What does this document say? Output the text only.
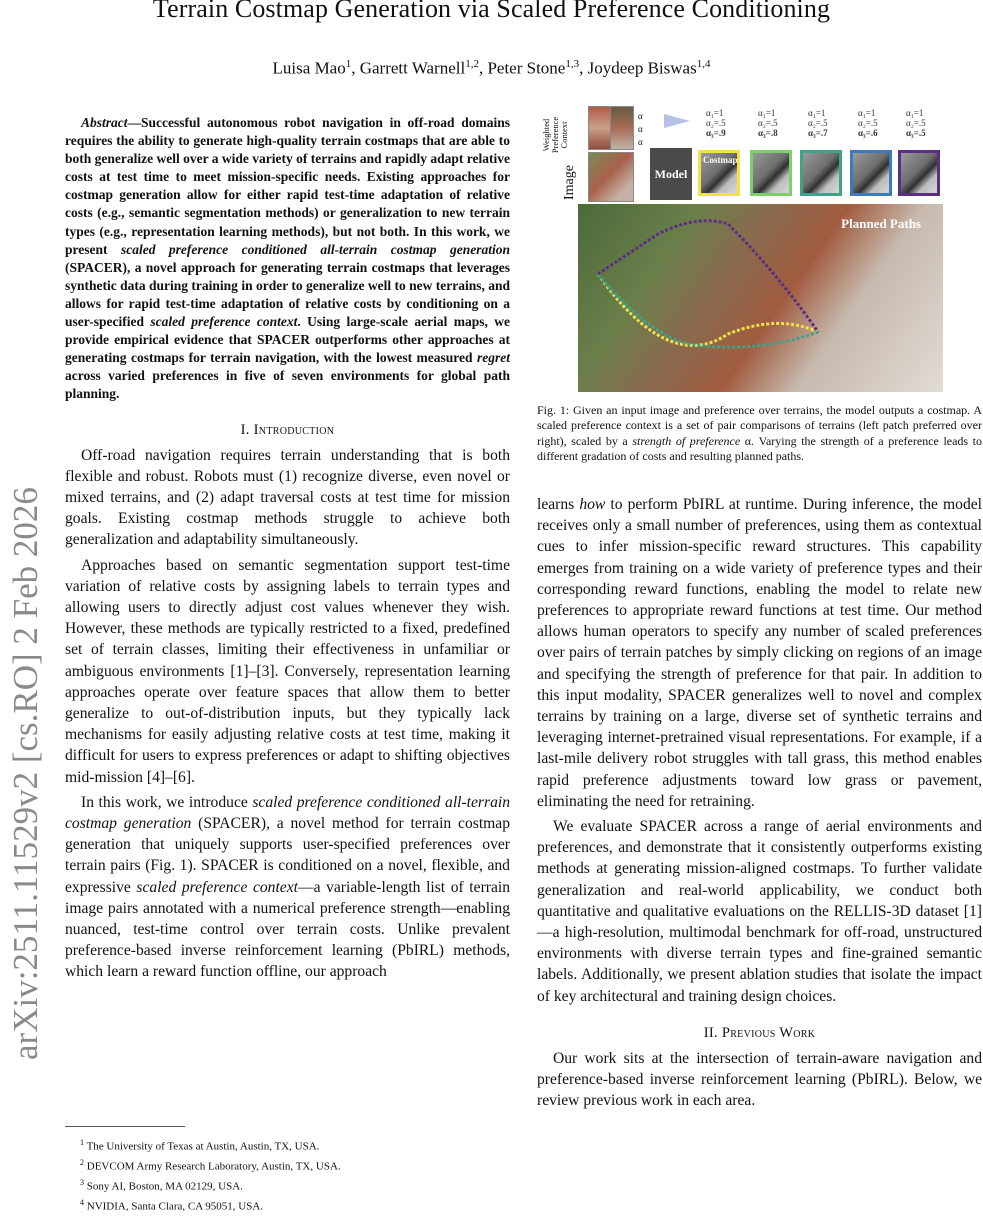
arXiv:2511.11529v2 [cs.RO] 2 Feb 2026
Terrain Costmap Generation via Scaled Preference Conditioning
Luisa Mao$^1$, Garrett Warnell$^{1,2}$, Peter Stone$^{1,3}$, Joydeep Biswas$^{1,4}$

Abstract—Successful autonomous robot navigation in off-road domains requires the ability to generate high-quality terrain costmaps that are able to both generalize well over a wide variety of terrains and rapidly adapt relative costs at test time to meet mission-specific needs. Existing approaches for costmap generation allow for either rapid test-time adaptation of relative costs (e.g., semantic segmentation methods) or generalization to new terrain types (e.g., representation learning methods), but not both. In this work, we present scaled preference conditioned all-terrain costmap generation (SPACER), a novel approach for generating terrain costmaps that leverages synthetic data during training in order to generalize well to new terrains, and allows for rapid test-time adaptation of relative costs by conditioning on a user-specified scaled preference context. Using large-scale aerial maps, we provide empirical evidence that SPACER outperforms other approaches at generating costmaps for terrain navigation, with the lowest measured regret across varied preferences in five of seven environments for global path planning.

I. Introduction

Off-road navigation requires terrain understanding that is both flexible and robust. Robots must (1) recognize diverse, even novel or mixed terrains, and (2) adapt traversal costs at test time for mission goals. Existing costmap methods struggle to achieve both generalization and adaptability simultaneously.

Approaches based on semantic segmentation support test-time variation of relative costs by assigning labels to terrain types and allowing users to directly adjust cost values whenever they wish. However, these methods are typically restricted to a fixed, predefined set of terrain classes, limiting their effectiveness in unfamiliar or ambiguous environments [1]–[3]. Conversely, representation learning approaches operate over feature spaces that allow them to better generalize to out-of-distribution inputs, but they typically lack mechanisms for easily adjusting relative costs at test time, making it difficult for users to express preferences or adapt to shifting objectives mid-mission [4]–[6].

In this work, we introduce scaled preference conditioned all-terrain costmap generation (SPACER), a novel method for terrain costmap generation that uniquely supports user-specified preferences over terrain pairs (Fig. 1). SPACER is conditioned on a novel, flexible, and expressive scaled preference context—a variable-length list of terrain image pairs annotated with a numerical preference strength—enabling nuanced, test-time control over terrain costs. Unlike prevalent preference-based inverse reinforcement learning (PbIRL) methods, which learn a reward function offline, our approach

$^1$ The University of Texas at Austin, Austin, TX, USA.
$^2$ DEVCOM Army Research Laboratory, Austin, TX, USA.
$^3$ Sony AI, Boston, MA 02129, USA.
$^4$ NVIDIA, Santa Clara, CA 95051, USA.
Image
Weighted Preference Context
α
α
α
Model
α₁=1
α₂=.5
α₃=.9
α₁=1
α₂=.5
α₃=.8
α₁=1
α₂=.5
α₃=.7
α₁=1
α₂=.5
α₃=.6
α₁=1
α₂=.5
α₃=.5
Costmap
Planned Paths
Fig. 1: Given an input image and preference over terrains, the model outputs a costmap. A scaled preference context is a set of pair comparisons of terrains (left patch preferred over right), scaled by a strength of preference α. Varying the strength of a preference leads to different gradation of costs and resulting planned paths.

learns how to perform PbIRL at runtime. During inference, the model receives only a small number of preferences, using them as contextual cues to infer mission-specific reward structures. This capability emerges from training on a wide variety of preference types and their corresponding reward functions, enabling the model to relate new preferences to appropriate reward functions at test time. Our method allows human operators to specify any number of scaled preferences over pairs of terrain patches by simply clicking on regions of an image and specifying the strength of preference for that pair. In addition to this input modality, SPACER generalizes well to novel and complex terrains by training on a large, diverse set of synthetic terrains and leveraging internet-pretrained visual representations. For example, if a last-mile delivery robot struggles with tall grass, this method enables rapid preference adjustments toward low grass or pavement, eliminating the need for retraining.

We evaluate SPACER across a range of aerial environments and preferences, and demonstrate that it consistently outperforms existing methods at generating mission-aligned costmaps. To further validate generalization and real-world applicability, we conduct both quantitative and qualitative evaluations on the RELLIS-3D dataset [1]—a high-resolution, multimodal benchmark for off-road, unstructured environments with diverse terrain types and fine-grained semantic labels. Additionally, we present ablation studies that isolate the impact of key architectural and training design choices.

II. Previous Work

Our work sits at the intersection of terrain-aware navigation and preference-based inverse reinforcement learning (PbIRL). Below, we review previous work in each area.
